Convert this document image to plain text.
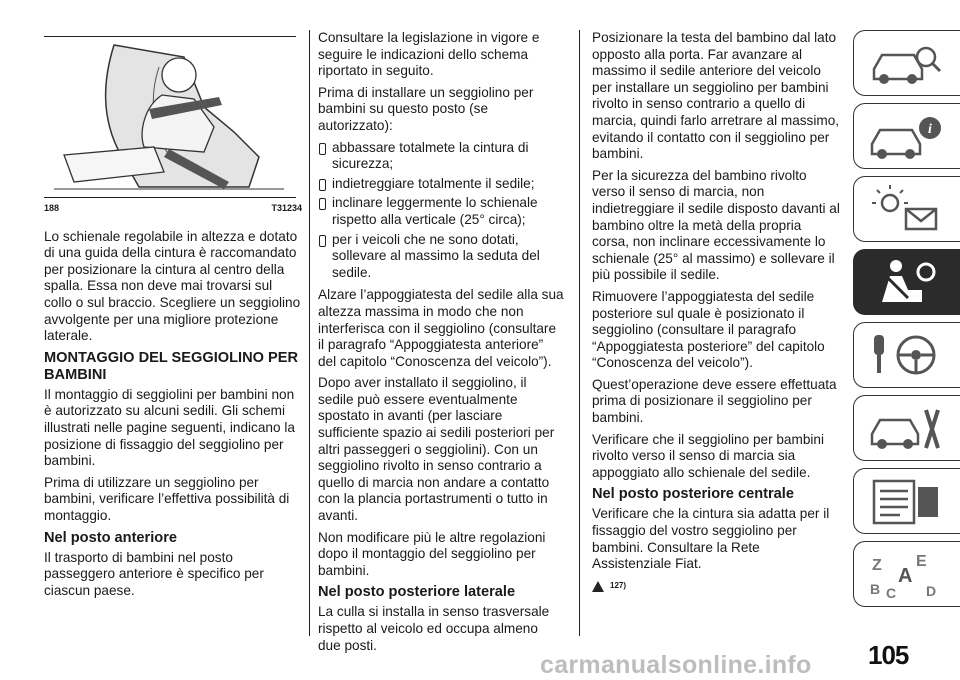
188	T31234

Lo schienale regolabile in altezza e dotato di una guida della cintura è raccomandato per posizionare la cintura al centro della spalla. Essa non deve mai trovarsi sul collo o sul braccio. Scegliere un seggiolino avvolgente per una migliore protezione laterale.

MONTAGGIO DEL SEGGIOLINO PER BAMBINI

Il montaggio di seggiolini per bambini non è autorizzato su alcuni sedili. Gli schemi illustrati nelle pagine seguenti, indicano la posizione di fissaggio del seggiolino per bambini.

Prima di utilizzare un seggiolino per bambini, verificare l’effettiva possibilità di montaggio.

Nel posto anteriore

Il trasporto di bambini nel posto passeggero anteriore è specifico per ciascun paese.

Consultare la legislazione in vigore e seguire le indicazioni dello schema riportato in seguito.

Prima di installare un seggiolino per bambini su questo posto (se autorizzato):

abbassare totalmete la cintura di sicurezza;
indietreggiare totalmente il sedile;
inclinare leggermente lo schienale rispetto alla verticale (25° circa);
per i veicoli che ne sono dotati, sollevare al massimo la seduta del sedile.

Alzare l’appoggiatesta del sedile alla sua altezza massima in modo che non interferisca con il seggiolino (consultare il paragrafo “Appoggiatesta anteriore” del capitolo “Conoscenza del veicolo”).

Dopo aver installato il seggiolino, il sedile può essere eventualmente spostato in avanti (per lasciare sufficiente spazio ai sedili posteriori per altri passeggeri o seggiolini). Con un seggiolino rivolto in senso contrario a quello di marcia non andare a contatto con la plancia portastrumenti o tutto in avanti.

Non modificare più le altre regolazioni dopo il montaggio del seggiolino per bambini.

Nel posto posteriore laterale

La culla si installa in senso trasversale rispetto al veicolo ed occupa almeno due posti.

Posizionare la testa del bambino dal lato opposto alla porta. Far avanzare al massimo il sedile anteriore del veicolo per installare un seggiolino per bambini rivolto in senso contrario a quello di marcia, quindi farlo arretrare al massimo, evitando il contatto con il seggiolino per bambini.

Per la sicurezza del bambino rivolto verso il senso di marcia, non indietreggiare il sedile disposto davanti al bambino oltre la metà della propria corsa, non inclinare eccessivamente lo schienale (25° al massimo) e sollevare il più possibile il sedile.

Rimuovere l’appoggiatesta del sedile posteriore sul quale è posizionato il seggiolino (consultare il paragrafo “Appoggiatesta posteriore” del capitolo “Conoscenza del veicolo”).

Quest’operazione deve essere effettuata prima di posizionare il seggiolino per bambini.

Verificare che il seggiolino per bambini rivolto verso il senso di marcia sia appoggiato allo schienale del sedile.

Nel posto posteriore centrale

Verificare che la cintura sia adatta per il fissaggio del vostro seggiolino per bambini. Consultare la Rete Assistenziale Fiat.

127)
i
Z E
A
B C D
105
carmanualsonline.info
